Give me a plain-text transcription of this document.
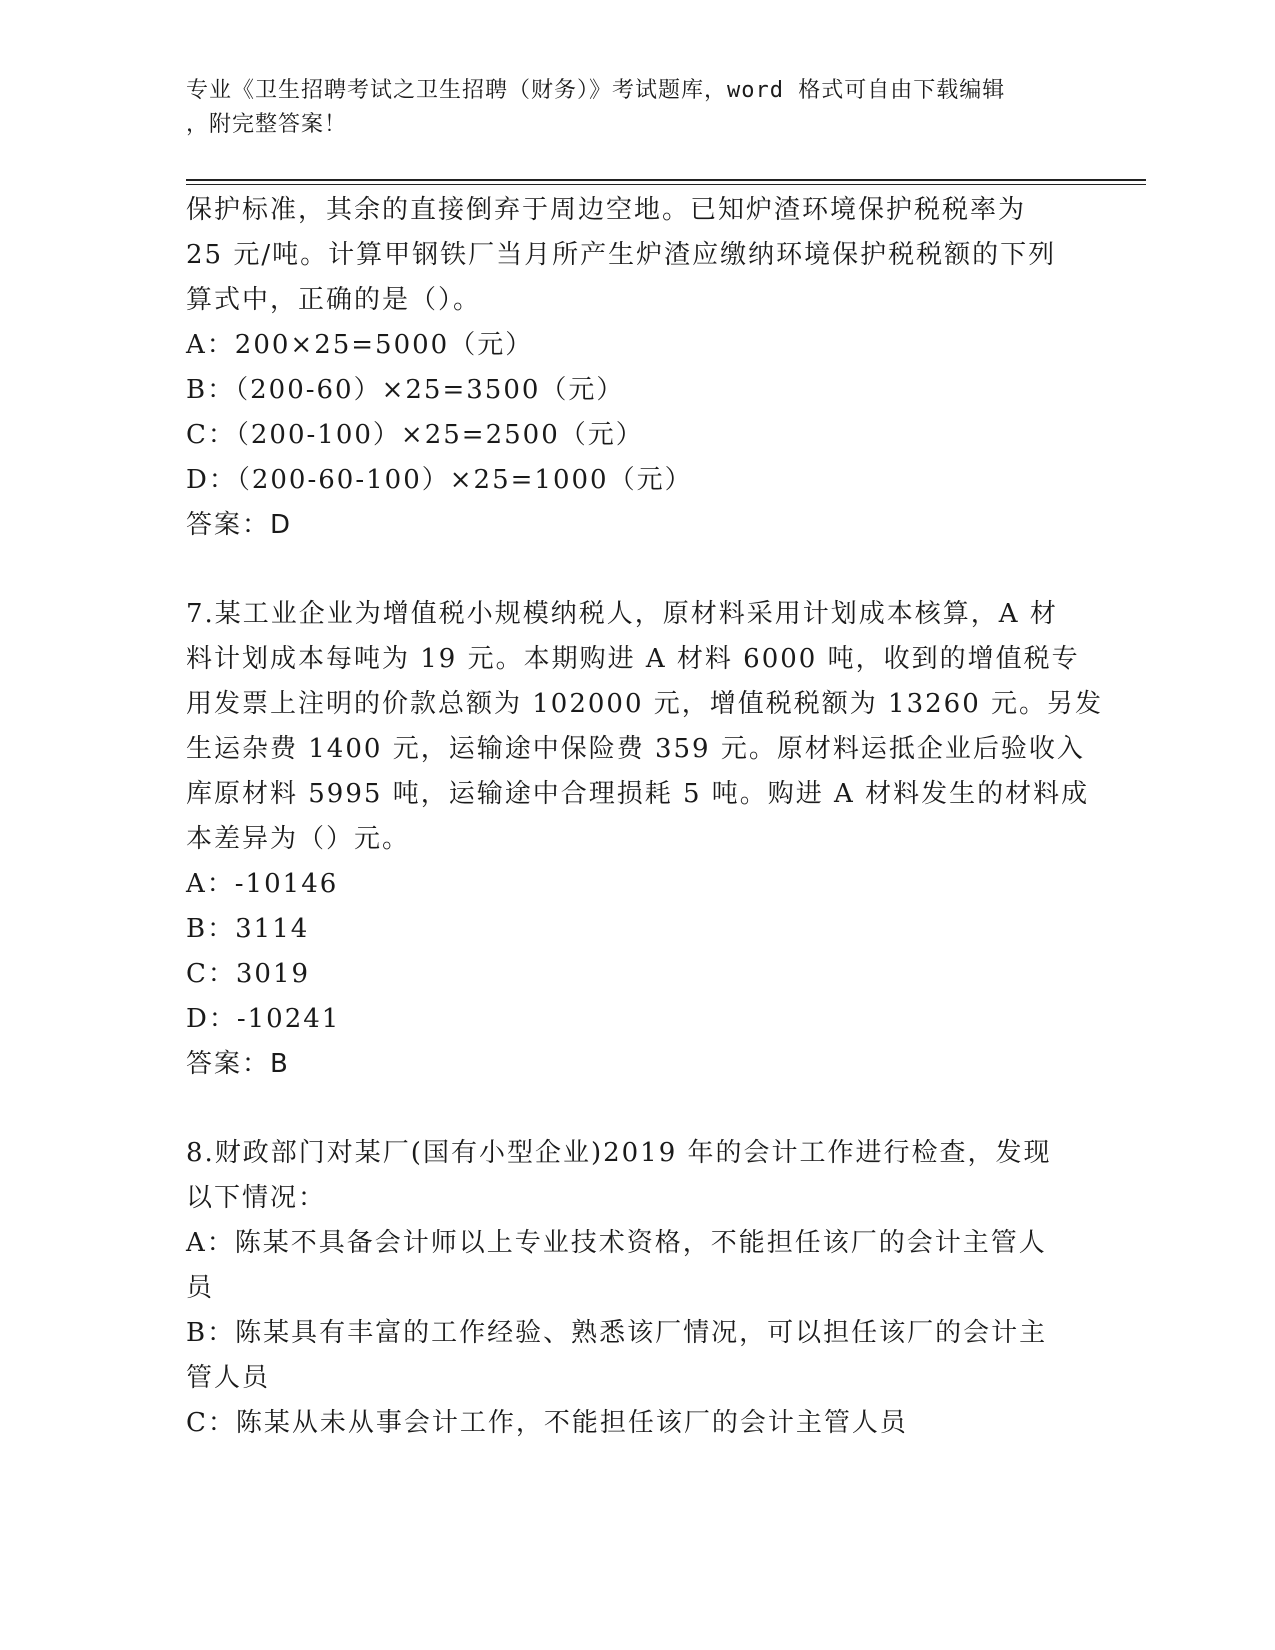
专业《卫生招聘考试之卫生招聘（财务）》考试题库，word 格式可自由下载编辑
，附完整答案！
保护标准，其余的直接倒弃于周边空地。已知炉渣环境保护税税率为
25 元/吨。计算甲钢铁厂当月所产生炉渣应缴纳环境保护税税额的下列
算式中，正确的是（）。
A：200×25=5000（元）
B：（200-60）×25=3500（元）
C：（200-100）×25=2500（元）
D：（200-60-100）×25=1000（元）
答案：D
7.某工业企业为增值税小规模纳税人，原材料采用计划成本核算，A 材
料计划成本每吨为 19 元。本期购进 A 材料 6000 吨，收到的增值税专
用发票上注明的价款总额为 102000 元，增值税税额为 13260 元。另发
生运杂费 1400 元，运输途中保险费 359 元。原材料运抵企业后验收入
库原材料 5995 吨，运输途中合理损耗 5 吨。购进 A 材料发生的材料成
本差异为（）元。
A：-10146
B：3114
C：3019
D：-10241
答案：B
8.财政部门对某厂(国有小型企业)2019 年的会计工作进行检查，发现
以下情况：
A：陈某不具备会计师以上专业技术资格，不能担任该厂的会计主管人
员
B：陈某具有丰富的工作经验、熟悉该厂情况，可以担任该厂的会计主
管人员
C：陈某从未从事会计工作，不能担任该厂的会计主管人员
